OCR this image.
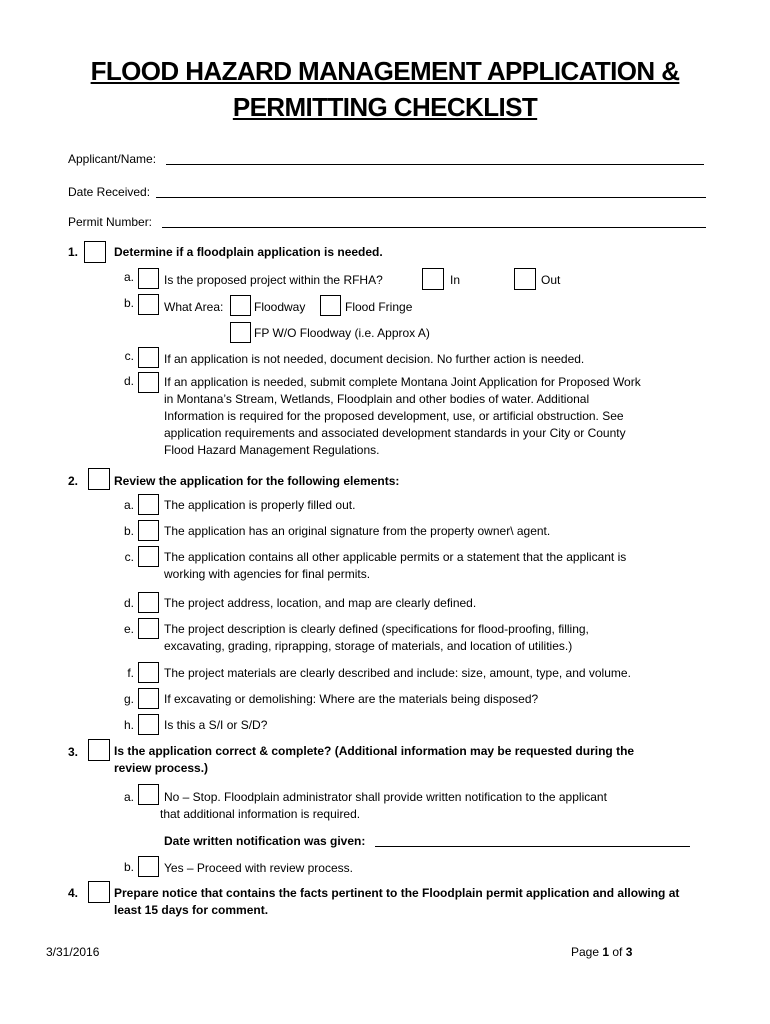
FLOOD HAZARD MANAGEMENT APPLICATION &
PERMITTING CHECKLIST
Applicant/Name:
Date Received:
Permit Number:
1.	Determine if a floodplain application is needed.
a.	Is the proposed project within the RFHA?	In	Out
b.	What Area:	Floodway	Flood Fringe
FP W/O Floodway (i.e. Approx A)
c.	If an application is not needed, document decision. No further action is needed.
d.	If an application is needed, submit complete Montana Joint Application for Proposed Work
in Montana’s Stream, Wetlands, Floodplain and other bodies of water. Additional
Information is required for the proposed development, use, or artificial obstruction. See
application requirements and associated development standards in your City or County
Flood Hazard Management Regulations.
2.	Review the application for the following elements:
a.	The application is properly filled out.
b.	The application has an original signature from the property owner\ agent.
c.	The application contains all other applicable permits or a statement that the applicant is
working with agencies for final permits.
d.	The project address, location, and map are clearly defined.
e.	The project description is clearly defined (specifications for flood-proofing, filling,
excavating, grading, riprapping, storage of materials, and location of utilities.)
f.	The project materials are clearly described and include: size, amount, type, and volume.
g.	If excavating or demolishing: Where are the materials being disposed?
h.	Is this a S/I or S/D?
3.	Is the application correct & complete? (Additional information may be requested during the
review process.)
a.	No – Stop. Floodplain administrator shall provide written notification to the applicant
that additional information is required.
Date written notification was given:
b.	Yes – Proceed with review process.
4.	Prepare notice that contains the facts pertinent to the Floodplain permit application and allowing at
least 15 days for comment.
3/31/2016	Page 1 of 3
